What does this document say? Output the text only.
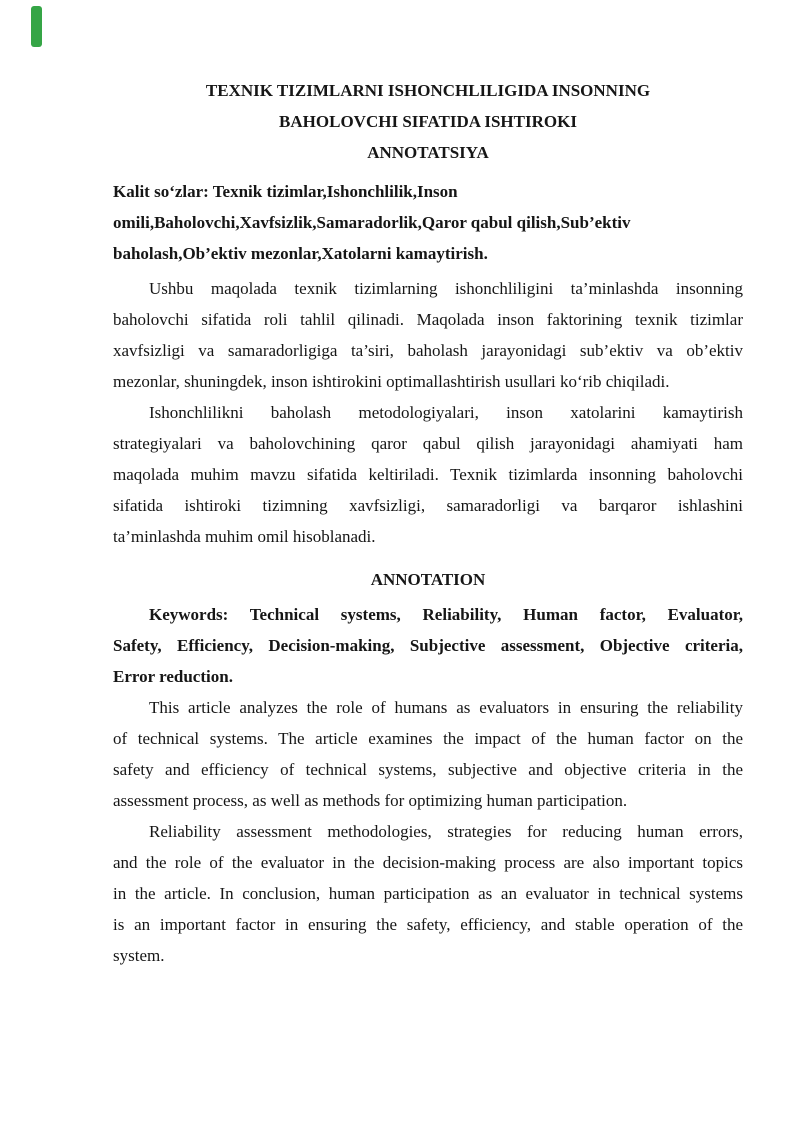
TEXNIK TIZIMLARNI ISHONCHLILIGIDA INSONNING
BAHOLOVCHI SIFATIDA ISHTIROKI
ANNOTATSIYA
Kalit so‘zlar: Texnik tizimlar,Ishonchlilik,Inson
omili,Baholovchi,Xavfsizlik,Samaradorlik,Qaror qabul qilish,Sub’ektiv
baholash,Ob’ektiv mezonlar,Xatolarni kamaytirish.
Ushbu maqolada texnik tizimlarning ishonchliligini ta’minlashda insonning
baholovchi sifatida roli tahlil qilinadi. Maqolada inson faktorining texnik tizimlar
xavfsizligi va samaradorligiga ta’siri, baholash jarayonidagi sub’ektiv va ob’ektiv
mezonlar, shuningdek, inson ishtirokini optimallashtirish usullari ko‘rib chiqiladi.
Ishonchlilikni baholash metodologiyalari, inson xatolarini kamaytirish
strategiyalari va baholovchining qaror qabul qilish jarayonidagi ahamiyati ham
maqolada muhim mavzu sifatida keltiriladi. Texnik tizimlarda insonning baholovchi
sifatida ishtiroki tizimning xavfsizligi, samaradorligi va barqaror ishlashini
ta’minlashda muhim omil hisoblanadi.
ANNOTATION
Keywords: Technical systems, Reliability, Human factor, Evaluator,
Safety, Efficiency, Decision-making, Subjective assessment, Objective criteria,
Error reduction.
This article analyzes the role of humans as evaluators in ensuring the reliability
of technical systems. The article examines the impact of the human factor on the
safety and efficiency of technical systems, subjective and objective criteria in the
assessment process, as well as methods for optimizing human participation.
Reliability assessment methodologies, strategies for reducing human errors,
and the role of the evaluator in the decision-making process are also important topics
in the article. In conclusion, human participation as an evaluator in technical systems
is an important factor in ensuring the safety, efficiency, and stable operation of the
system.
